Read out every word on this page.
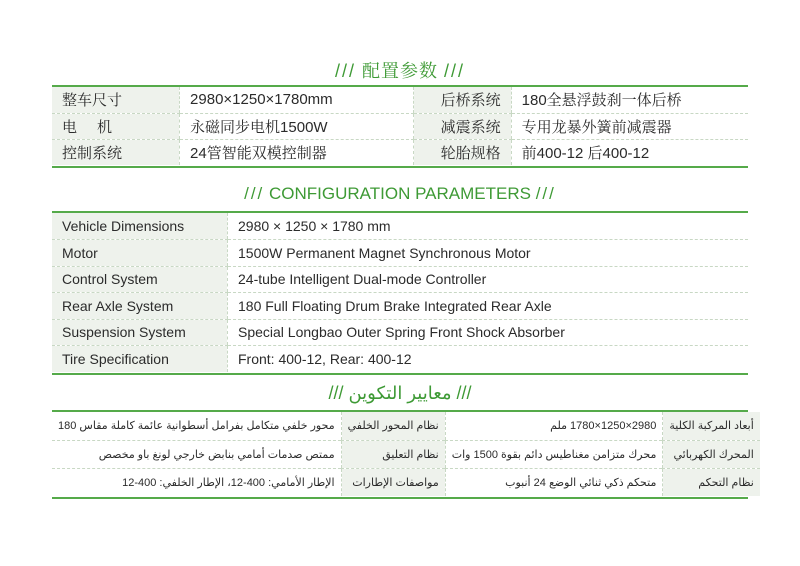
/// 配置参数 ///
整车尺寸	2980×1250×1780mm	后桥系统	180全悬浮鼓刹一体后桥
电机	永磁同步电机1500W	减震系统	专用龙暴外簧前减震器
控制系统	24管智能双模控制器	轮胎规格	前400-12 后400-12
/// CONFIGURATION PARAMETERS ///
Vehicle Dimensions	2980 × 1250 × 1780 mm
Motor	1500W Permanent Magnet Synchronous Motor
Control System	24-tube Intelligent Dual-mode Controller
Rear Axle System	180 Full Floating Drum Brake Integrated Rear Axle
Suspension System	Special Longbao Outer Spring Front Shock Absorber
Tire Specification	Front: 400-12, Rear: 400-12
/// معايير التكوين ///
أبعاد المركبة الكلية	2980×1250×1780 ملم	نظام المحور الخلفي	محور خلفي متكامل بفرامل أسطوانية عائمة كاملة مقاس 180
المحرك الكهربائي	محرك متزامن مغناطيس دائم بقوة 1500 وات	نظام التعليق	ممتص صدمات أمامي بنابض خارجي لونغ باو مخصص
نظام التحكم	متحكم ذكي ثنائي الوضع 24 أنبوب	مواصفات الإطارات	الإطار الأمامي: 400-12، الإطار الخلفي: 400-12
